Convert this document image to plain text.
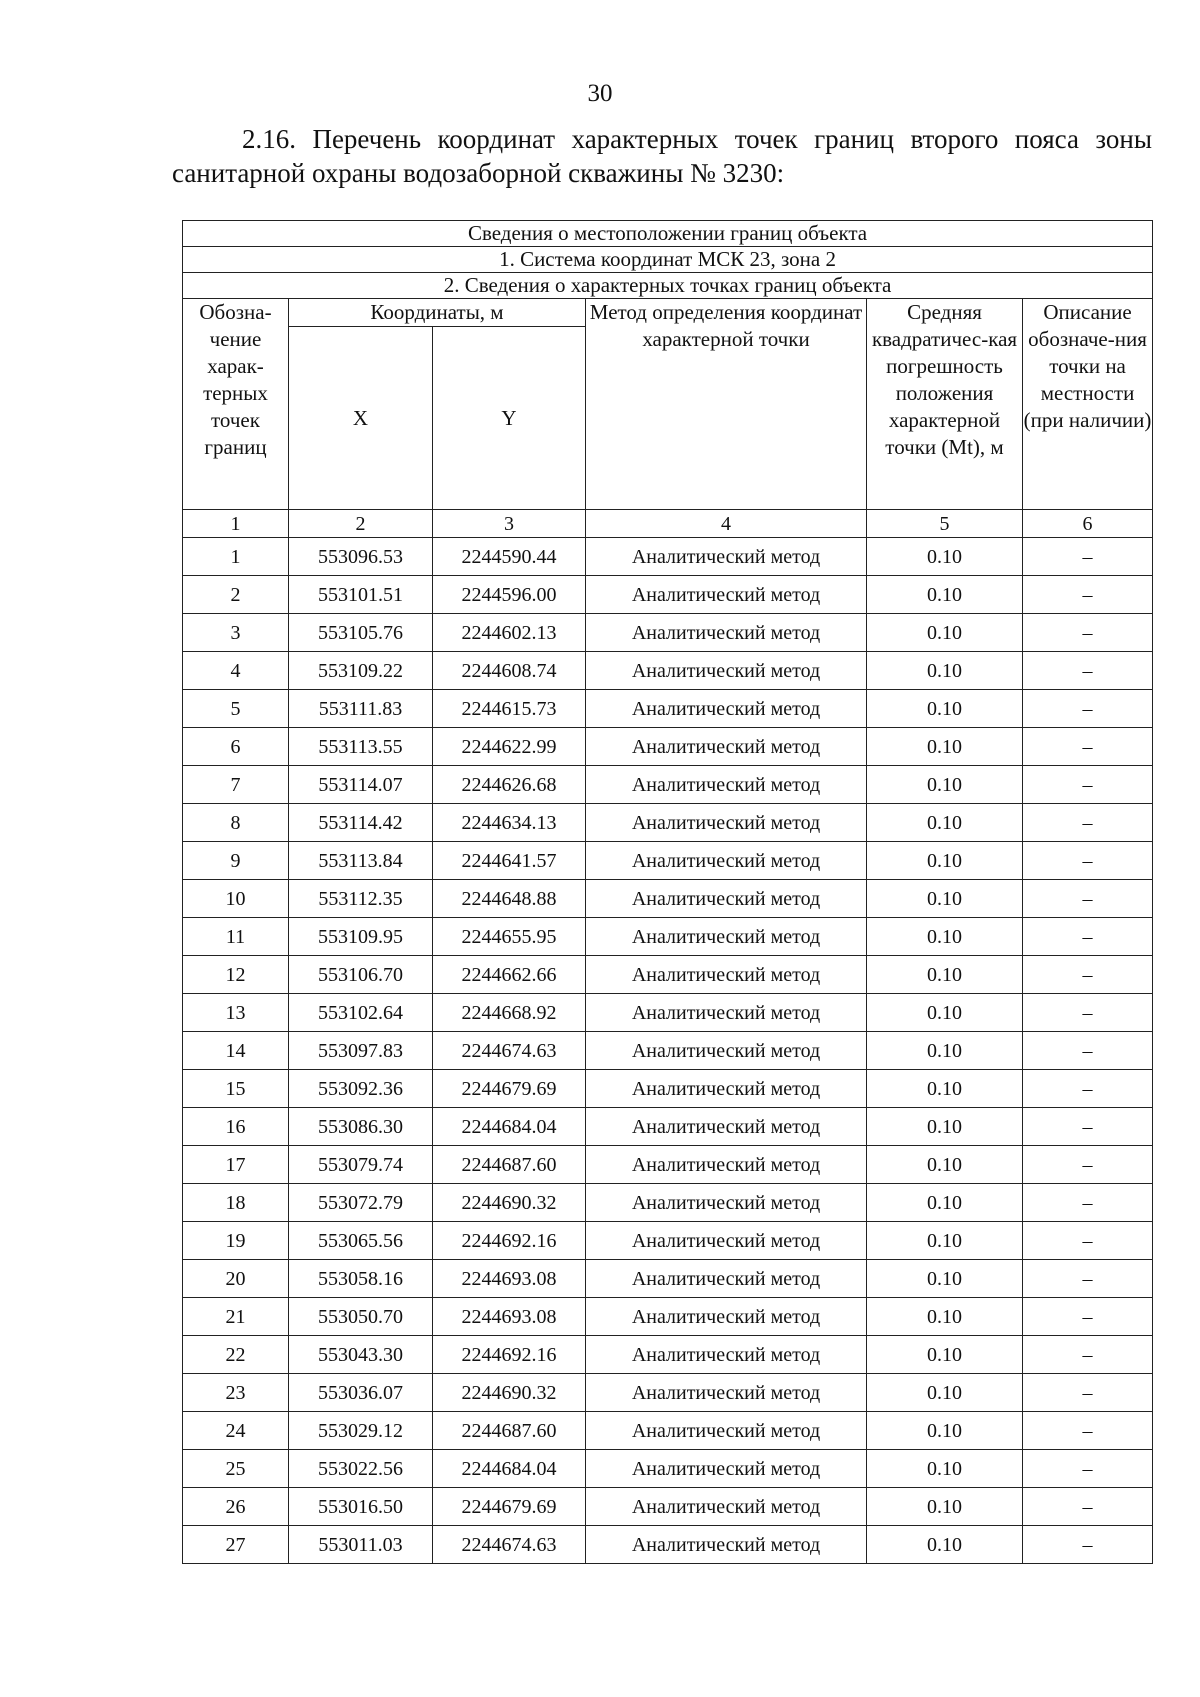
30
2.16. Перечень координат характерных точек границ второго пояса зоны санитарной охраны водозаборной скважины № 3230:
Сведения о местоположении границ объекта					
1. Система координат МСК 23, зона 2					
2. Сведения о характерных точках границ объекта					
Обозна-чение харак-терных точек границ	Координаты, м		Метод определения координат характерной точки	Средняя квадратичес-кая погрешность положения характерной точки (Mt), м	Описание обозначе-ния точки на местности (при наличии)
	X	Y			
1	2	3	4	5	6
1	553096.53	2244590.44	Аналитический метод	0.10	–
2	553101.51	2244596.00	Аналитический метод	0.10	–
3	553105.76	2244602.13	Аналитический метод	0.10	–
4	553109.22	2244608.74	Аналитический метод	0.10	–
5	553111.83	2244615.73	Аналитический метод	0.10	–
6	553113.55	2244622.99	Аналитический метод	0.10	–
7	553114.07	2244626.68	Аналитический метод	0.10	–
8	553114.42	2244634.13	Аналитический метод	0.10	–
9	553113.84	2244641.57	Аналитический метод	0.10	–
10	553112.35	2244648.88	Аналитический метод	0.10	–
11	553109.95	2244655.95	Аналитический метод	0.10	–
12	553106.70	2244662.66	Аналитический метод	0.10	–
13	553102.64	2244668.92	Аналитический метод	0.10	–
14	553097.83	2244674.63	Аналитический метод	0.10	–
15	553092.36	2244679.69	Аналитический метод	0.10	–
16	553086.30	2244684.04	Аналитический метод	0.10	–
17	553079.74	2244687.60	Аналитический метод	0.10	–
18	553072.79	2244690.32	Аналитический метод	0.10	–
19	553065.56	2244692.16	Аналитический метод	0.10	–
20	553058.16	2244693.08	Аналитический метод	0.10	–
21	553050.70	2244693.08	Аналитический метод	0.10	–
22	553043.30	2244692.16	Аналитический метод	0.10	–
23	553036.07	2244690.32	Аналитический метод	0.10	–
24	553029.12	2244687.60	Аналитический метод	0.10	–
25	553022.56	2244684.04	Аналитический метод	0.10	–
26	553016.50	2244679.69	Аналитический метод	0.10	–
27	553011.03	2244674.63	Аналитический метод	0.10	–
